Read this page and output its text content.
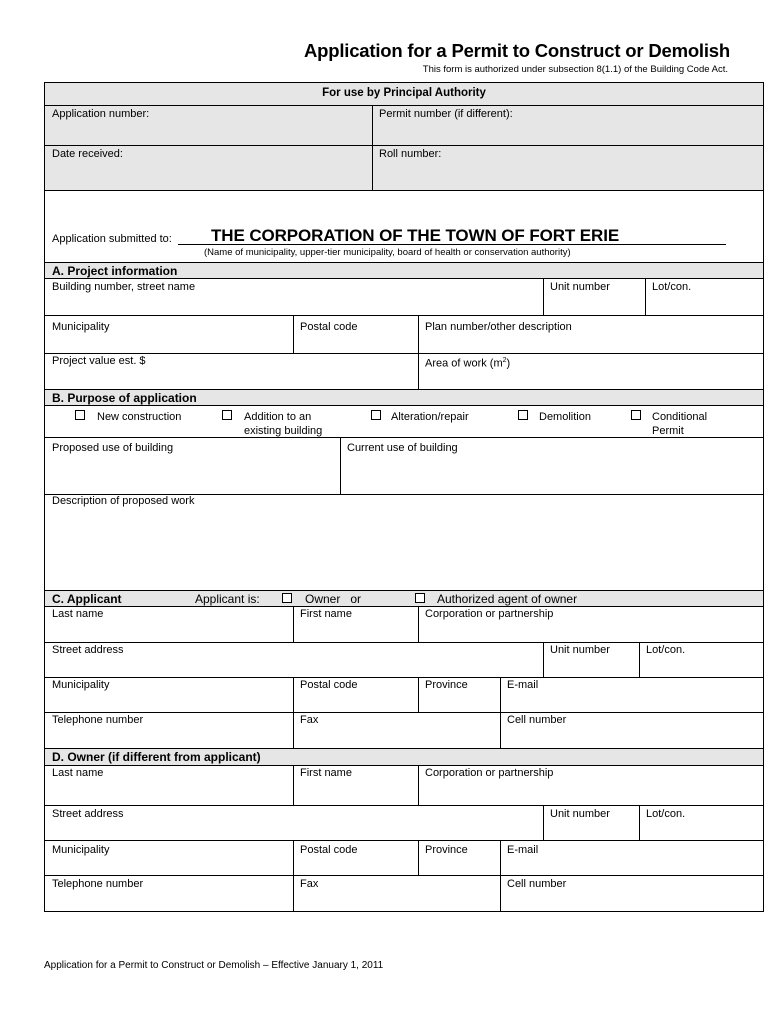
Application for a Permit to Construct or Demolish
This form is authorized under subsection 8(1.1) of the Building Code Act.
For use by Principal Authority
Application number:	Permit number (if different):
Date received:	Roll number:
Application submitted to: THE CORPORATION OF THE TOWN OF FORT ERIE
(Name of municipality, upper-tier municipality, board of health or conservation authority)
A. Project information
Building number, street name	Unit number	Lot/con.
Municipality	Postal code	Plan number/other description
Project value est. $	Area of work $(m^2)$
B. Purpose of application
New construction	Addition to an
existing building
Alteration/repair	Demolition	Conditional
Permit
Proposed use of building	Current use of building
Description of proposed work
C. Applicant	Applicant is:	Owner   or	Authorized agent of owner
Last name	First name	Corporation or partnership
Street address	Unit number	Lot/con.
Municipality	Postal code	Province	E-mail
Telephone number	Fax	Cell number
D. Owner (if different from applicant)
Last name	First name	Corporation or partnership
Street address	Unit number	Lot/con.
Municipality	Postal code	Province	E-mail
Telephone number	Fax	Cell number
Application for a Permit to Construct or Demolish – Effective January 1, 2011
